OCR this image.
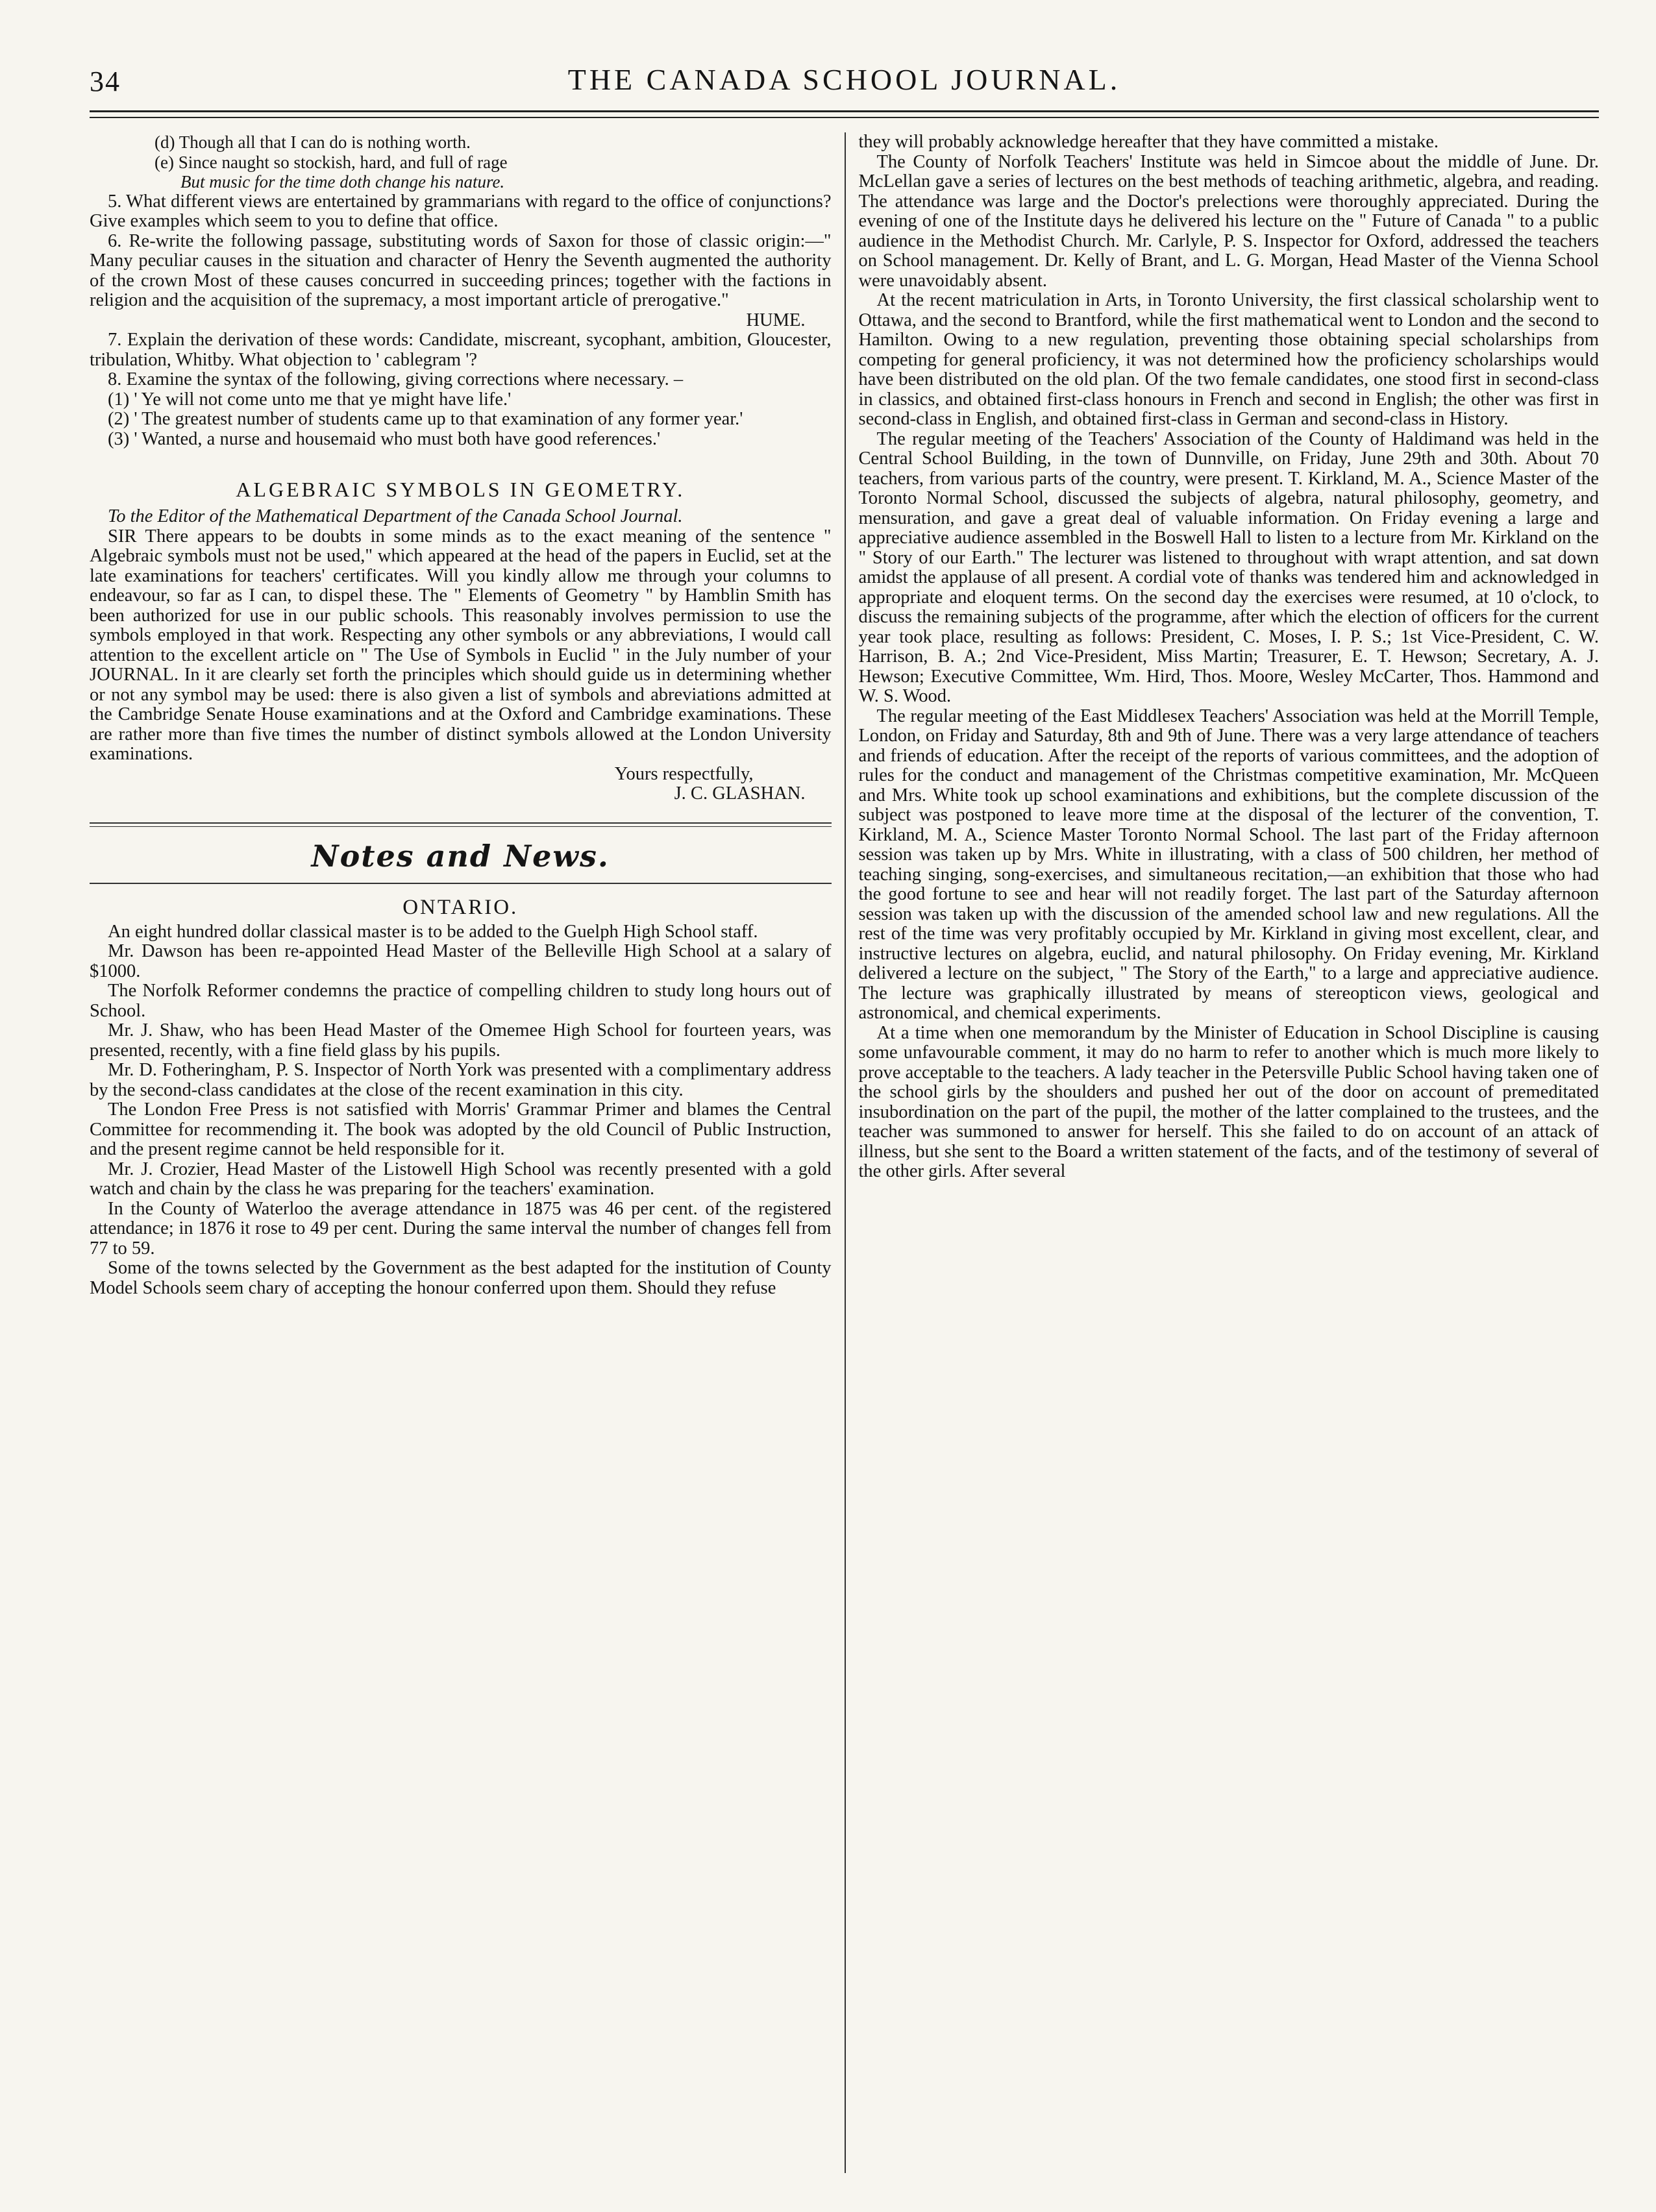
34	THE CANADA SCHOOL JOURNAL.

(d) Though all that I can do is nothing worth.

(e) Since naught so stockish, hard, and full of rage

But music for the time doth change his nature.

5. What different views are entertained by grammarians with regard to the office of conjunctions? Give examples which seem to you to define that office.

6. Re-write the following passage, substituting words of Saxon for those of classic origin:—" Many peculiar causes in the situation and character of Henry the Seventh augmented the authority of the crown Most of these causes concurred in succeeding princes; together with the factions in religion and the acquisition of the supremacy, a most important article of prerogative."

HUME.

7. Explain the derivation of these words: Candidate, miscreant, sycophant, ambition, Gloucester, tribulation, Whitby. What objection to ' cablegram '?

8. Examine the syntax of the following, giving corrections where necessary. –

(1) ' Ye will not come unto me that ye might have life.'

(2) ' The greatest number of students came up to that examination of any former year.'

(3) ' Wanted, a nurse and housemaid who must both have good references.'

ALGEBRAIC SYMBOLS IN GEOMETRY.

To the Editor of the Mathematical Department of the Canada School Journal.

SIR There appears to be doubts in some minds as to the exact meaning of the sentence " Algebraic symbols must not be used," which appeared at the head of the papers in Euclid, set at the late examinations for teachers' certificates. Will you kindly allow me through your columns to endeavour, so far as I can, to dispel these. The " Elements of Geometry " by Hamblin Smith has been authorized for use in our public schools. This reasonably involves permission to use the symbols employed in that work. Respecting any other symbols or any abbreviations, I would call attention to the excellent article on " The Use of Symbols in Euclid " in the July number of your JOURNAL. In it are clearly set forth the principles which should guide us in determining whether or not any symbol may be used: there is also given a list of symbols and abreviations admitted at the Cambridge Senate House examinations and at the Oxford and Cambridge examinations. These are rather more than five times the number of distinct symbols allowed at the London University examinations.

Yours respectfully,

J. C. GLASHAN.

Notes and News.
ONTARIO.

An eight hundred dollar classical master is to be added to the Guelph High School staff.

Mr. Dawson has been re-appointed Head Master of the Belleville High School at a salary of $1000.

The Norfolk Reformer condemns the practice of compelling children to study long hours out of School.

Mr. J. Shaw, who has been Head Master of the Omemee High School for fourteen years, was presented, recently, with a fine field glass by his pupils.

Mr. D. Fotheringham, P. S. Inspector of North York was presented with a complimentary address by the second-class candidates at the close of the recent examination in this city.

The London Free Press is not satisfied with Morris' Grammar Primer and blames the Central Committee for recommending it. The book was adopted by the old Council of Public Instruction, and the present regime cannot be held responsible for it.

Mr. J. Crozier, Head Master of the Listowell High School was recently presented with a gold watch and chain by the class he was preparing for the teachers' examination.

In the County of Waterloo the average attendance in 1875 was 46 per cent. of the registered attendance; in 1876 it rose to 49 per cent. During the same interval the number of changes fell from 77 to 59.

Some of the towns selected by the Government as the best adapted for the institution of County Model Schools seem chary of accepting the honour conferred upon them. Should they refuse

they will probably acknowledge hereafter that they have committed a mistake.

The County of Norfolk Teachers' Institute was held in Simcoe about the middle of June. Dr. McLellan gave a series of lectures on the best methods of teaching arithmetic, algebra, and reading. The attendance was large and the Doctor's prelections were thoroughly appreciated. During the evening of one of the Institute days he delivered his lecture on the " Future of Canada " to a public audience in the Methodist Church. Mr. Carlyle, P. S. Inspector for Oxford, addressed the teachers on School management. Dr. Kelly of Brant, and L. G. Morgan, Head Master of the Vienna School were unavoidably absent.

At the recent matriculation in Arts, in Toronto University, the first classical scholarship went to Ottawa, and the second to Brantford, while the first mathematical went to London and the second to Hamilton. Owing to a new regulation, preventing those obtaining special scholarships from competing for general proficiency, it was not determined how the proficiency scholarships would have been distributed on the old plan. Of the two female candidates, one stood first in second-class in classics, and obtained first-class honours in French and second in English; the other was first in second-class in English, and obtained first-class in German and second-class in History.

The regular meeting of the Teachers' Association of the County of Haldimand was held in the Central School Building, in the town of Dunnville, on Friday, June 29th and 30th. About 70 teachers, from various parts of the country, were present. T. Kirkland, M. A., Science Master of the Toronto Normal School, discussed the subjects of algebra, natural philosophy, geometry, and mensuration, and gave a great deal of valuable information. On Friday evening a large and appreciative audience assembled in the Boswell Hall to listen to a lecture from Mr. Kirkland on the " Story of our Earth." The lecturer was listened to throughout with wrapt attention, and sat down amidst the applause of all present. A cordial vote of thanks was tendered him and acknowledged in appropriate and eloquent terms. On the second day the exercises were resumed, at 10 o'clock, to discuss the remaining subjects of the programme, after which the election of officers for the current year took place, resulting as follows: President, C. Moses, I. P. S.; 1st Vice-President, C. W. Harrison, B. A.; 2nd Vice-President, Miss Martin; Treasurer, E. T. Hewson; Secretary, A. J. Hewson; Executive Committee, Wm. Hird, Thos. Moore, Wesley McCarter, Thos. Hammond and W. S. Wood.

The regular meeting of the East Middlesex Teachers' Association was held at the Morrill Temple, London, on Friday and Saturday, 8th and 9th of June. There was a very large attendance of teachers and friends of education. After the receipt of the reports of various committees, and the adoption of rules for the conduct and management of the Christmas competitive examination, Mr. McQueen and Mrs. White took up school examinations and exhibitions, but the complete discussion of the subject was postponed to leave more time at the disposal of the lecturer of the convention, T. Kirkland, M. A., Science Master Toronto Normal School. The last part of the Friday afternoon session was taken up by Mrs. White in illustrating, with a class of 500 children, her method of teaching singing, song-exercises, and simultaneous recitation,—an exhibition that those who had the good fortune to see and hear will not readily forget. The last part of the Saturday afternoon session was taken up with the discussion of the amended school law and new regulations. All the rest of the time was very profitably occupied by Mr. Kirkland in giving most excellent, clear, and instructive lectures on algebra, euclid, and natural philosophy. On Friday evening, Mr. Kirkland delivered a lecture on the subject, " The Story of the Earth," to a large and appreciative audience. The lecture was graphically illustrated by means of stereopticon views, geological and astronomical, and chemical experiments.

At a time when one memorandum by the Minister of Education in School Discipline is causing some unfavourable comment, it may do no harm to refer to another which is much more likely to prove acceptable to the teachers. A lady teacher in the Petersville Public School having taken one of the school girls by the shoulders and pushed her out of the door on account of premeditated insubordination on the part of the pupil, the mother of the latter complained to the trustees, and the teacher was summoned to answer for herself. This she failed to do on account of an attack of illness, but she sent to the Board a written statement of the facts, and of the testimony of several of the other girls. After several
